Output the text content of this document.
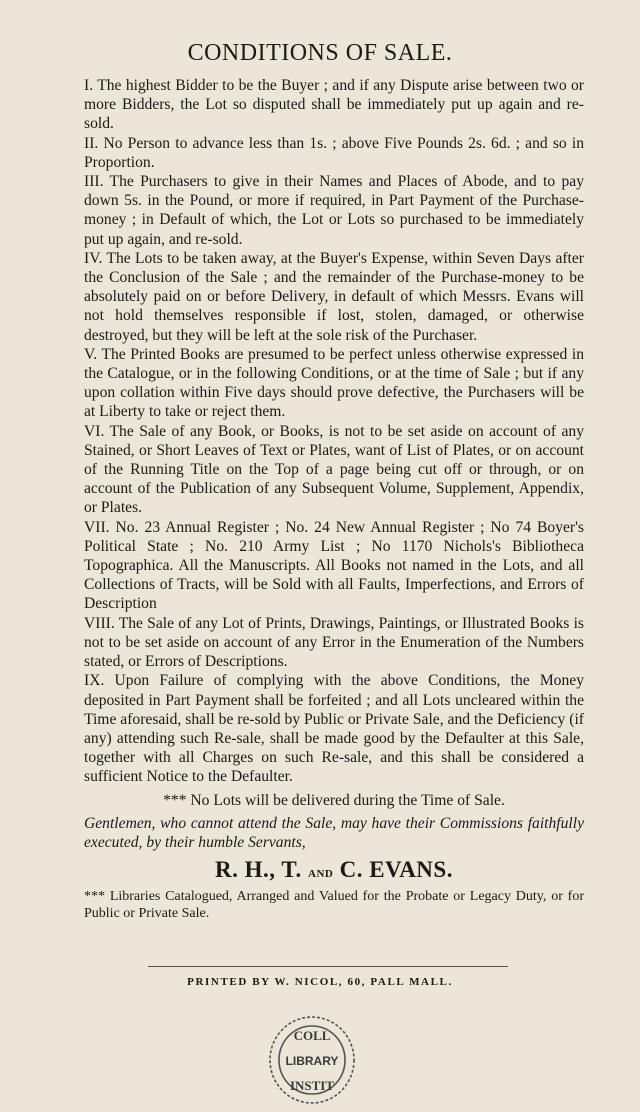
CONDITIONS OF SALE.

I. The highest Bidder to be the Buyer ; and if any Dispute arise between two or more Bidders, the Lot so disputed shall be immediately put up again and re-sold.

II. No Person to advance less than 1s. ; above Five Pounds 2s. 6d. ; and so in Proportion.

III. The Purchasers to give in their Names and Places of Abode, and to pay down 5s. in the Pound, or more if required, in Part Payment of the Purchase-money ; in Default of which, the Lot or Lots so purchased to be immediately put up again, and re-sold.

IV. The Lots to be taken away, at the Buyer's Expense, within Seven Days after the Conclusion of the Sale ; and the remainder of the Purchase-money to be absolutely paid on or before Delivery, in default of which Messrs. Evans will not hold themselves responsible if lost, stolen, damaged, or otherwise destroyed, but they will be left at the sole risk of the Purchaser.

V. The Printed Books are presumed to be perfect unless otherwise expressed in the Catalogue, or in the following Conditions, or at the time of Sale ; but if any upon collation within Five days should prove defective, the Purchasers will be at Liberty to take or reject them.

VI. The Sale of any Book, or Books, is not to be set aside on account of any Stained, or Short Leaves of Text or Plates, want of List of Plates, or on account of the Running Title on the Top of a page being cut off or through, or on account of the Publication of any Subsequent Volume, Supplement, Appendix, or Plates.

VII. No. 23 Annual Register ; No. 24 New Annual Register ; No 74 Boyer's Political State ; No. 210 Army List ; No 1170 Nichols's Bibliotheca Topographica. All the Manuscripts. All Books not named in the Lots, and all Collections of Tracts, will be Sold with all Faults, Imperfections, and Errors of Description

VIII. The Sale of any Lot of Prints, Drawings, Paintings, or Illustrated Books is not to be set aside on account of any Error in the Enumeration of the Numbers stated, or Errors of Descriptions.

IX. Upon Failure of complying with the above Conditions, the Money deposited in Part Payment shall be forfeited ; and all Lots uncleared within the Time aforesaid, shall be re-sold by Public or Private Sale, and the Deficiency (if any) attending such Re-sale, shall be made good by the Defaulter at this Sale, together with all Charges on such Re-sale, and this shall be considered a sufficient Notice to the Defaulter.

*** No Lots will be delivered during the Time of Sale.

Gentlemen, who cannot attend the Sale, may have their Commissions faithfully executed, by their humble Servants,

R. H., T. and C. EVANS.

*** Libraries Catalogued, Arranged and Valued for the Probate or Legacy Duty, or for Public or Private Sale.

PRINTED BY W. NICOL, 60, PALL MALL.
COLL
LIBRARY
INSTIT
